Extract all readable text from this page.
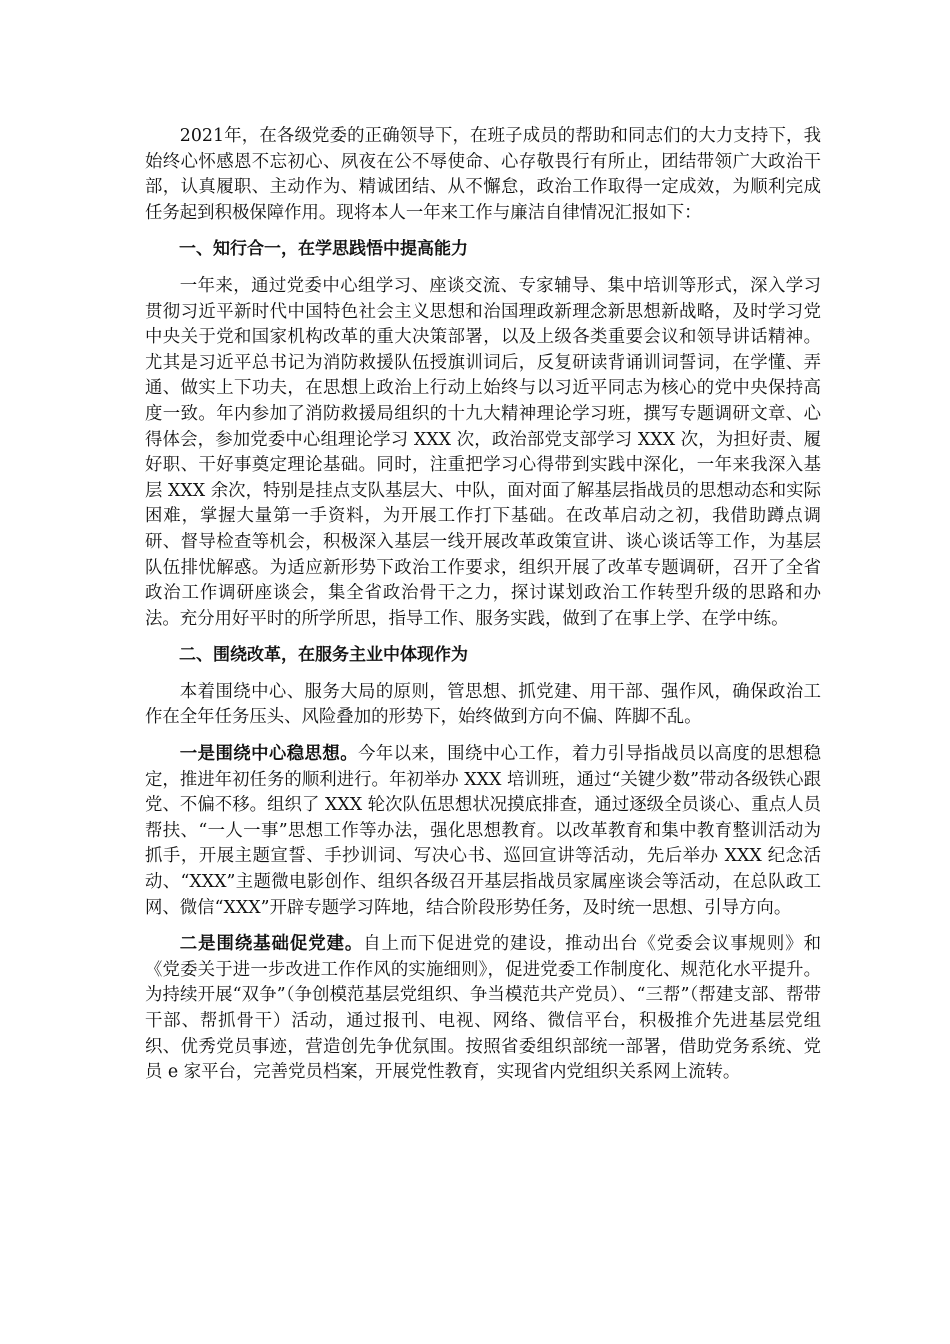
2021年，在各级党委的正确领导下，在班子成员的帮助和同志们的大力支持下，我始终心怀感恩不忘初心、夙夜在公不辱使命、心存敬畏行有所止，团结带领广大政治干部，认真履职、主动作为、精诚团结、从不懈怠，政治工作取得一定成效，为顺利完成任务起到积极保障作用。现将本人一年来工作与廉洁自律情况汇报如下：

一、知行合一，在学思践悟中提高能力

一年来，通过党委中心组学习、座谈交流、专家辅导、集中培训等形式，深入学习贯彻习近平新时代中国特色社会主义思想和治国理政新理念新思想新战略，及时学习党中央关于党和国家机构改革的重大决策部署，以及上级各类重要会议和领导讲话精神。尤其是习近平总书记为消防救援队伍授旗训词后，反复研读背诵训词誓词，在学懂、弄通、做实上下功夫，在思想上政治上行动上始终与以习近平同志为核心的党中央保持高度一致。年内参加了消防救援局组织的十九大精神理论学习班，撰写专题调研文章、心得体会，参加党委中心组理论学习 XXX 次，政治部党支部学习 XXX 次，为担好责、履好职、干好事奠定理论基础。同时，注重把学习心得带到实践中深化，一年来我深入基层 XXX 余次，特别是挂点支队基层大、中队，面对面了解基层指战员的思想动态和实际困难，掌握大量第一手资料，为开展工作打下基础。在改革启动之初，我借助蹲点调研、督导检查等机会，积极深入基层一线开展改革政策宣讲、谈心谈话等工作，为基层队伍排忧解惑。为适应新形势下政治工作要求，组织开展了改革专题调研，召开了全省政治工作调研座谈会，集全省政治骨干之力，探讨谋划政治工作转型升级的思路和办法。充分用好平时的所学所思，指导工作、服务实践，做到了在事上学、在学中练。

二、围绕改革，在服务主业中体现作为

本着围绕中心、服务大局的原则，管思想、抓党建、用干部、强作风，确保政治工作在全年任务压头、风险叠加的形势下，始终做到方向不偏、阵脚不乱。

一是围绕中心稳思想。今年以来，围绕中心工作，着力引导指战员以高度的思想稳定，推进年初任务的顺利进行。年初举办 XXX 培训班，通过“关键少数”带动各级铁心跟党、不偏不移。组织了 XXX 轮次队伍思想状况摸底排查，通过逐级全员谈心、重点人员帮扶、“一人一事”思想工作等办法，强化思想教育。以改革教育和集中教育整训活动为抓手，开展主题宣誓、手抄训词、写决心书、巡回宣讲等活动，先后举办 XXX 纪念活动、“XXX”主题微电影创作、组织各级召开基层指战员家属座谈会等活动，在总队政工网、微信“XXX”开辟专题学习阵地，结合阶段形势任务，及时统一思想、引导方向。

二是围绕基础促党建。自上而下促进党的建设，推动出台《党委会议事规则》和《党委关于进一步改进工作作风的实施细则》，促进党委工作制度化、规范化水平提升。为持续开展“双争”（争创模范基层党组织、争当模范共产党员）、“三帮”（帮建支部、帮带干部、帮抓骨干）活动，通过报刊、电视、网络、微信平台，积极推介先进基层党组织、优秀党员事迹，营造创先争优氛围。按照省委组织部统一部署，借助党务系统、党员 e 家平台，完善党员档案，开展党性教育，实现省内党组织关系网上流转。
